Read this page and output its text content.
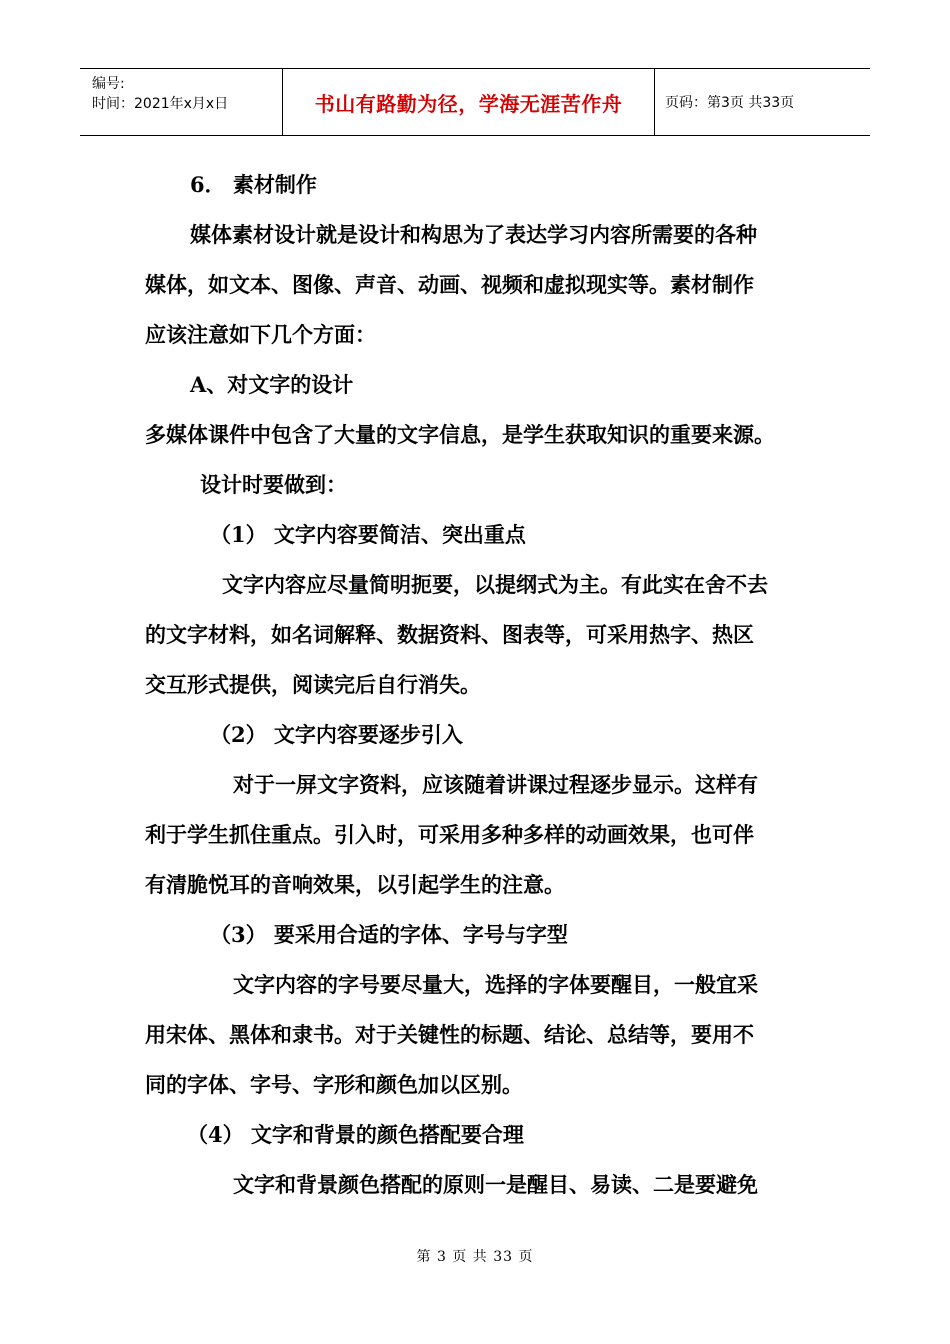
编号:
时间：2021年x月x日	书山有路勤为径，学海无涯苦作舟	页码：第3页 共33页
6． 素材制作
媒体素材设计就是设计和构思为了表达学习内容所需要的各种
媒体，如文本、图像、声音、动画、视频和虚拟现实等。素材制作
应该注意如下几个方面：
A、对文字的设计
多媒体课件中包含了大量的文字信息，是学生获取知识的重要来源。
设计时要做到：
（1） 文字内容要简洁、突出重点
文字内容应尽量简明扼要，以提纲式为主。有此实在舍不去
的文字材料，如名词解释、数据资料、图表等，可采用热字、热区
交互形式提供，阅读完后自行消失。
（2） 文字内容要逐步引入
对于一屏文字资料，应该随着讲课过程逐步显示。这样有
利于学生抓住重点。引入时，可采用多种多样的动画效果，也可伴
有清脆悦耳的音响效果，以引起学生的注意。
（3） 要采用合适的字体、字号与字型
文字内容的字号要尽量大，选择的字体要醒目，一般宜采
用宋体、黑体和隶书。对于关键性的标题、结论、总结等，要用不
同的字体、字号、字形和颜色加以区别。
（4） 文字和背景的颜色搭配要合理
文字和背景颜色搭配的原则一是醒目、易读、二是要避免
第 3 页 共 33 页
